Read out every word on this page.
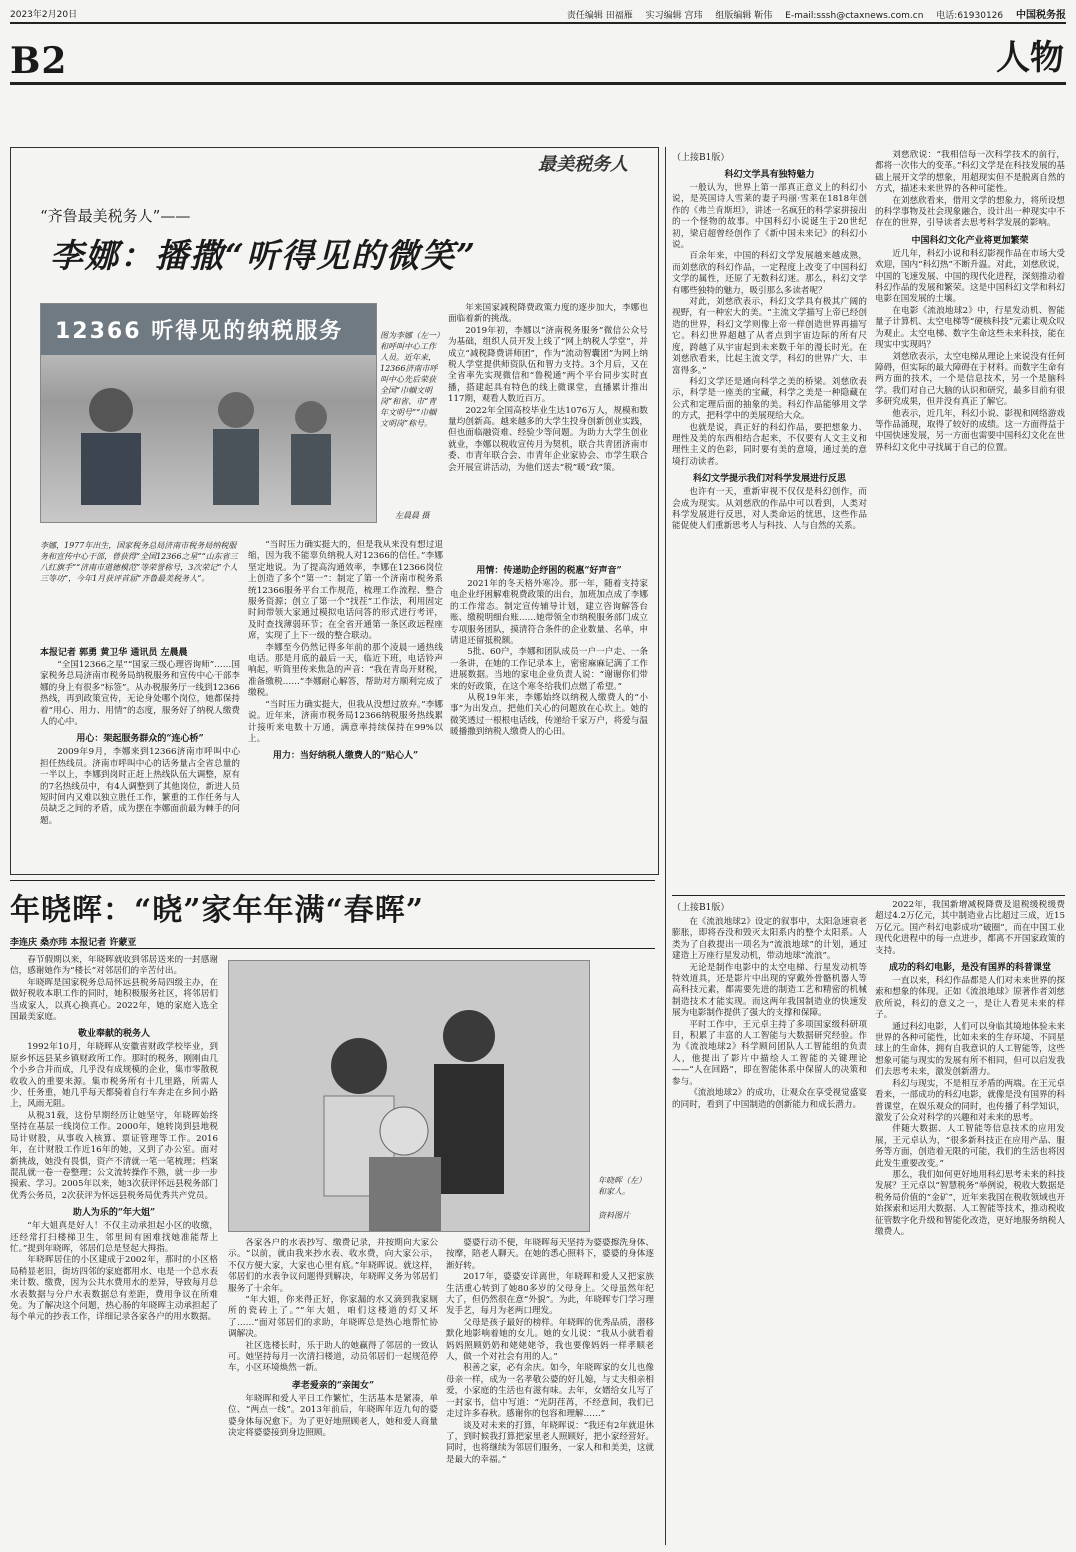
2023年2月20日	责任编辑 田福雁 实习编辑 宫玮 组版编辑 靳伟 E-mail:sssh@ctaxnews.com.cn 电话:61930126 中国税务报
B2	人物
最美税务人
“齐鲁最美税务人”——
李娜：播撒“听得见的微笑”
12366 听得见的纳税服务	图为李娜（左一）和呼叫中心工作人员。近年来，12366济南市呼叫中心先后荣获全国“巾帼文明岗”和省、市“青年文明号”“巾帼文明岗”称号。
左晨晨 摄

年来国家减税降费政策力度的逐步加大，李娜也面临着新的挑战。

2019年初，李娜以“济南税务服务”微信公众号为基础，组织人员开发上线了“网上纳税人学堂”，并成立“减税降费讲师团”，作为“流动智囊团”为网上纳税人学堂提供师资队伍和智力支持。3个月后，又在全省率先实现微信和“鲁税通”两个平台同步实时直播，搭建起具有特色的线上微课堂，直播累计推出117期，观看人数近百万。

2022年全国高校毕业生达1076万人，规模和数量均创新高。越来越多的大学生投身创新创业实践，但也面临融资难、经验少等问题。为助力大学生创业就业，李娜以税收宣传月为契机，联合共青团济南市委、市青年联合会、市青年企业家协会、市学生联合会开展宣讲活动，为他们送去“税”暖“政”策。

李娜，1977年出生，国家税务总局济南市税务局纳税服务和宣传中心干部，曾获得“全国12366之星”“山东省三八红旗手”“济南市道德模范”等荣誉称号，3次荣记“个人三等功”，今年1月获评首届“齐鲁最美税务人”。
本报记者 郭勇 黄卫华 通讯员 左晨晨

“全国12366之星”“国家三级心理咨询师”……国家税务总局济南市税务局纳税服务和宣传中心干部李娜的身上有很多“标签”。从办税服务厅一线到12366热线，再到政策宣传，无论身处哪个岗位，她都保持着“用心、用力、用情”的态度，服务好了纳税人缴费人的心中。

用心：架起服务群众的“连心桥”

2009年9月，李娜来到12366济南市呼叫中心担任热线员。济南市呼叫中心的话务量占全省总量的一半以上，李娜到岗时正赶上热线队伍大调整，原有的7名热线员中，有4人调整到了其他岗位，新进人员短时间内又难以独立胜任工作，繁重的工作任务与人员缺乏之间的矛盾，成为摆在李娜面前最为棘手的问题。

“当时压力确实挺大的，但是我从来没有想过退缩，因为我不能辜负纳税人对12366的信任。”李娜坚定地说。为了提高沟通效率，李娜在12366岗位上创造了多个“第一”：制定了第一个济南市税务系统12366服务平台工作规范，梳理工作流程、整合服务资源；创立了第一个“找茬”工作法，利用固定时间带领大家通过模拟电话问答的形式进行考评，及时查找薄弱环节；在全省开通第一条区政远程座席，实现了上下一级的整合联动。

李娜至今仍然记得多年前的那个凌晨一通热线电话。那是月底的最后一天，临近下班，电话铃声响起，听筒里传来焦急的声音：“我在青岛开财税，准备缴税……”李娜耐心解答，帮助对方顺利完成了缴税。

“当时压力确实挺大，但我从没想过放弃。”李娜说。近年来，济南市税务局12366纳税服务热线累计接听来电数十万通，满意率持续保持在99%以上。

用力：当好纳税人缴费人的“贴心人”
用情：传递助企纾困的税惠“好声音”

2021年的冬天格外寒冷。那一年，随着支持家电企业纾困解难税费政策的出台，加班加点成了李娜的工作常态。制定宣传辅导计划，建立咨询解答台账、缴税明细台账……她带领全市纳税服务部门成立专项服务团队，摸清符合条件的企业数量、名单，申请退还留抵税额。

5批、60户，李娜和团队成员一户一户走、一条一条讲，在她的工作记录本上，密密麻麻记满了工作进展数据。当地的家电企业负责人说：“谢谢你们带来的好政策，在这个寒冬给我们点燃了希望。”

从税19年来，李娜始终以纳税人缴费人的“小事”为出发点，把他们关心的问题放在心坎上。她的微笑透过一根根电话线，传递给千家万户，将爱与温暖播撒到纳税人缴费人的心田。

年晓晖：“晓”家年年满“春晖”
李连庆 桑亦玮 本报记者 许蒙亚

春节假期以来，年晓晖就收到邻居送来的一封感谢信，感谢她作为“楼长”对邻居们的辛苦付出。

年晓晖是国家税务总局怀远县税务局四级主办，在做好税收本职工作的同时，她积极服务社区，将邻居们当成家人，以真心换真心。2022年，她的家庭入选全国最美家庭。

敬业奉献的税务人

1992年10月，年晓晖从安徽省财政学校毕业，到原乡怀远县某乡镇财政所工作。那时的税务，刚刚由几个小乡合并而成，几乎没有成规模的企业，集市零散税收收入的重要来源。集市税务所有十几里路，所需人少、任务重，她几乎每天都骑着自行车奔走在乡间小路上，风雨无阻。

从税31载，这份早期经历让她坚守，年晓晖始终坚持在基层一线岗位工作。2000年，她转岗到县地税局计财股，从事收入核算、票证管理等工作。2016年，在计财股工作近16年的她，又到了办公室。面对新挑战，她没有畏惧，资产不清就一笔一笔梳理；档案混乱就一卷一卷整理；公文流转操作不熟，就一步一步摸索、学习。2005年以来，她3次获评怀远县税务部门优秀公务员，2次获评为怀远县税务局优秀共产党员。

助人为乐的“年大姐”

“年大姐真是好人！不仅主动承担起小区的收缴，还经常打扫楼梯卫生，邻里间有困难找她准能帮上忙。”提到年晓晖，邻居们总是竖起大拇指。

年晓晖居住的小区建成于2002年，那时的小区格局稍显老旧，街坊四邻的家庭都用水、电是一个总水表来计数、缴费，因为公共水费用水的差异，导致每月总水表数据与分户水表数据总有差距，费用争议在所难免。为了解决这个问题，热心肠的年晓晖主动承担起了每个单元的抄表工作，详细记录各家各户的用水数据。

年晓晖（左）和家人。
资料图片

各家各户的水表抄写、缴费记录，并按期向大家公示。“以前，就由我来抄水表、收水费，向大家公示，不仅方便大家，大家也心里有底。”年晓晖说。就这样，邻居们的水表争议问题得到解决，年晓晖义务为邻居们服务了十余年。

“年大姐，你来得正好，你家漏的水又滴到我家厕所的瓷砖上了。”“年大姐，咱们这楼道的灯又坏了……”面对邻居们的求助，年晓晖总是热心地帮忙协调解决。

社区选楼长时，乐于助人的她赢得了邻居的一致认可。她坚持每月一次清扫楼道，动员邻居们一起规范停车，小区环境焕然一新。

孝老爱亲的“亲闺女”

年晓晖和爱人平日工作繁忙，生活基本是紧凑，单位、“两点一线”。2013年前后，年晓晖年迈九旬的婆婆身体每况愈下。为了更好地照顾老人，她和爱人商量决定将婆婆接到身边照顾。

婆婆行动不便，年晓晖每天坚持为婆婆擦洗身体、按摩，陪老人聊天。在她的悉心照料下，婆婆的身体逐渐好转。

2017年，婆婆安详离世，年晓晖和爱人又把家族生活重心转到了她80多岁的父母身上。父母虽然年纪大了，但仍然很在意“外貌”。为此，年晓晖专门学习理发手艺，每月为老两口理发。

父母是孩子最好的榜样。年晓晖的优秀品质，潜移默化地影响着她的女儿。她的女儿说：“我从小就看着妈妈照顾奶奶和姥姥姥爷，我也要像妈妈一样孝顺老人，做一个对社会有用的人。”

积善之家，必有余庆。如今，年晓晖家的女儿也像母亲一样，成为一名孝敬公婆的好儿媳，与丈夫相亲相爱，小家庭的生活也有滋有味。去年，女婿给女儿写了一封家书，信中写道：“光阴荏苒，不经意间，我们已走过许多春秋。感谢你的包容和理解……”

谈及对未来的打算，年晓晖说：“我还有2年就退休了，到时候我打算把家里老人照顾好，把小家经营好。同时，也将继续为邻居们服务，一家人和和美美，这就是最大的幸福。”

（上接B1版）
科幻文学具有独特魅力

一般认为，世界上第一部真正意义上的科幻小说，是英国诗人雪莱的妻子玛丽·雪莱在1818年创作的《弗兰肯斯坦》，讲述一名疯狂的科学家拼接出的一个怪物的故事。中国科幻小说诞生于20世纪初，梁启超曾经创作了《新中国未来记》的科幻小说。

百余年来，中国的科幻文学发展越来越成熟，而刘慈欣的科幻作品，一定程度上改变了中国科幻文学的属性，还原了无数科幻迷。那么，科幻文学有哪些独特的魅力，吸引那么多读者呢？

对此，刘慈欣表示，科幻文学具有极其广阔的视野，有一种宏大的美。“主流文学描写上帝已经创造的世界，科幻文学则像上帝一样创造世界再描写它。科幻世界超越了从者点到宇宙边际的所有尺度，跨越了从宇宙起到未来数千年的漫长时光。在刘慈欣看来，比起主流文学，科幻的世界广大、丰富得多。”

科幻文学还是通向科学之美的桥梁。刘慈欣表示，科学是一座美的宝藏，科学之美是一种隐藏在公式和定理后面的抽象的美。科幻作品能够用文学的方式，把科学中的美展现给大众。

也就是说，真正好的科幻作品，要把想象力、理性及美的东西相结合起来，不仅要有人文主义和理性主义的色彩，同时要有美的意境，通过美的意境打动读者。

科幻文学提示我们对科学发展进行反思

也许有一天，重新审视不仅仅是科幻创作，而会成为现实。从刘慈欣的作品中可以看到，人类对科学发展进行反思，对人类命运的忧思，这些作品能促使人们重新思考人与科技、人与自然的关系。

刘慈欣说：“我相信每一次科学技术的前行，都将一次伟大的变革。”科幻文学是在科技发展的基础上展开文学的想象，用超现实但不是脱离自然的方式，描述未来世界的各种可能性。

在刘慈欣看来，借用文学的想象力，将所设想的科学事物及社会现象融合，设计出一种现实中不存在的世界，引导读者去思考科学发展的影响。

中国科幻文化产业将更加繁荣

近几年，科幻小说和科幻影视作品在市场大受欢迎，国内“科幻热”不断升温。对此，刘慈欣说，中国的飞速发展、中国的现代化进程，深刻推动着科幻作品的发展和繁荣。这是中国科幻文学和科幻电影在国发展的土壤。

在电影《流浪地球2》中，行星发动机、智能量子计算机、太空电梯等“硬核科技”元素让观众叹为观止。太空电梯、数字生命这些未来科技，能在现实中实现吗？

刘慈欣表示，太空电梯从理论上来说没有任何障碍，但实际的最大障碍在于材料。而数字生命有两方面的技术，一个是信息技术，另一个是脑科学。我们对自己大脑的认识和研究，最多目前有很多研究成果，但并没有真正了解它。

他表示，近几年，科幻小说、影视和网络游戏等作品涌现，取得了较好的成绩。这一方面得益于中国快速发展，另一方面也需要中国科幻文化在世界科幻文化中寻找属于自己的位置。

（上接B1版）

在《流浪地球2》设定的叙事中，太阳急速衰老膨胀，即将吞没和毁灭太阳系内的整个太阳系。人类为了自救提出一项名为“流浪地球”的计划，通过建造上万座行星发动机，带动地球“流浪”。

无论是制作电影中的太空电梯、行星发动机等特效道具，还是影片中出现的穿戴外骨骼机器人等高科技元素，都需要先进的制造工艺和精密的机械制造技术才能实现。而这两年我国制造业的快速发展为电影制作提供了强大的支撑和保障。

平时工作中，王元卓主持了多项国家级科研项目，积累了丰富的人工智能与大数据研究经验。作为《流浪地球2》科学顾问团队人工智能组的负责人，他提出了影片中描绘人工智能的关键理论——“人在回路”，即在智能体系中保留人的决策和参与。

《流浪地球2》的成功，让观众在享受视觉盛宴的同时，看到了中国制造的创新能力和成长潜力。

2022年，我国新增减税降费及退税缓税缓费超过4.2万亿元，其中制造业占比超过三成，近15万亿元。国产科幻电影成功“破圈”，而在中国工业现代化进程中的每一点进步，都离不开国家政策的支持。

成功的科幻电影，是没有国界的科普课堂

一直以来，科幻作品都是人们对未来世界的探索和想象的体现。正如《流浪地球》原著作者刘慈欣所说，科幻的意义之一，是让人看见未来的样子。

通过科幻电影，人们可以身临其境地体验未来世界的各种可能性，比如未来的生存环境、不同星球上的生命体，拥有自我意识的人工智能等，这些想象可能与现实的发展有所不相同，但可以启发我们去思考未来，激发创新潜力。

科幻与现实，不是相互矛盾的两端。在王元卓看来，一部成功的科幻电影，就像是没有国界的科普课堂，在娱乐观众的同时，也传播了科学知识，激发了公众对科学的兴趣和对未来的思考。

伴随大数据、人工智能等信息技术的应用发展，王元卓认为，“很多新科技正在应用产品、服务等方面，创造着无限的可能，我们的生活也将因此发生重要改变。”

那么，我们如何更好地用科幻思考未来的科技发展？王元卓以“智慧税务”举例说，税收大数据是税务局价值的“金矿”，近年来我国在税收领域也开始探索和运用大数据、人工智能等技术，推动税收征管数字化升级和智能化改造，更好地服务纳税人缴费人。
